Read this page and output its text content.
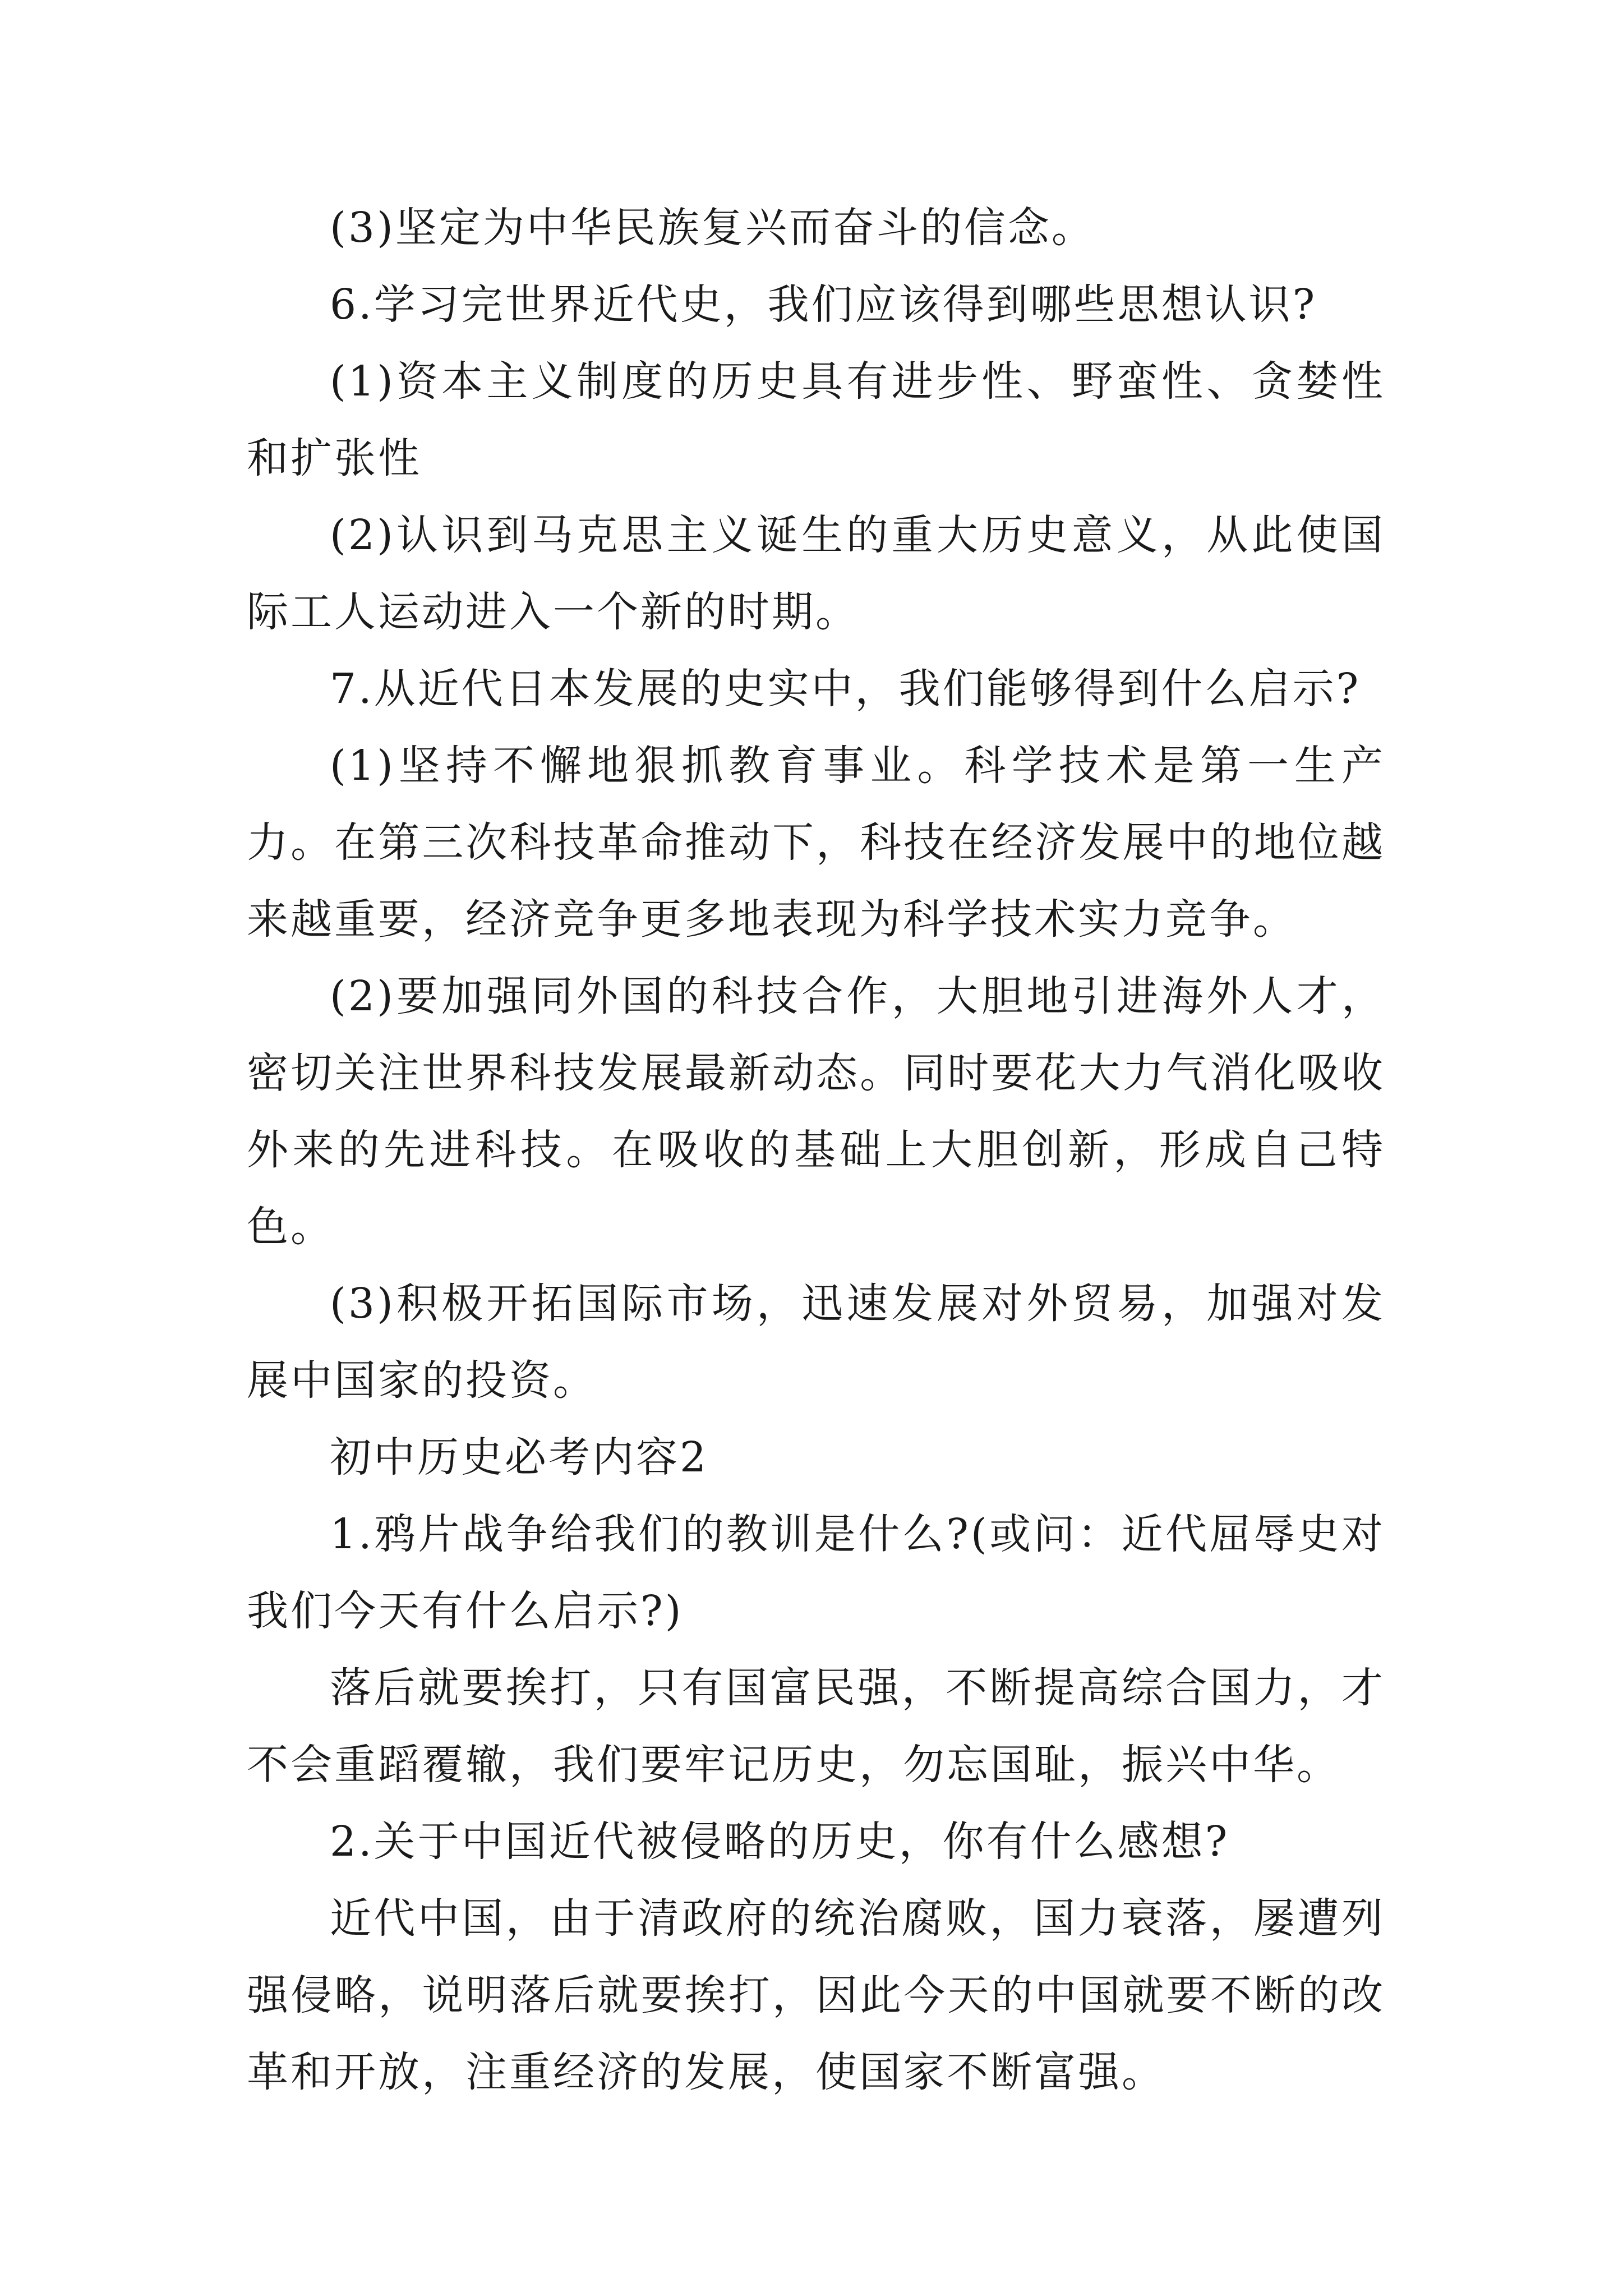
(3)坚定为中华民族复兴而奋斗的信念。

6.学习完世界近代史，我们应该得到哪些思想认识?

(1)资本主义制度的历史具有进步性、野蛮性、贪婪性和扩张性

(2)认识到马克思主义诞生的重大历史意义，从此使国际工人运动进入一个新的时期。

7.从近代日本发展的史实中，我们能够得到什么启示?

(1)坚持不懈地狠抓教育事业。科学技术是第一生产力。在第三次科技革命推动下，科技在经济发展中的地位越来越重要，经济竞争更多地表现为科学技术实力竞争。

(2)要加强同外国的科技合作，大胆地引进海外人才，密切关注世界科技发展最新动态。同时要花大力气消化吸收外来的先进科技。在吸收的基础上大胆创新，形成自己特色。

(3)积极开拓国际市场，迅速发展对外贸易，加强对发展中国家的投资。

初中历史必考内容2

1.鸦片战争给我们的教训是什么?(或问：近代屈辱史对我们今天有什么启示?)

落后就要挨打，只有国富民强，不断提高综合国力，才不会重蹈覆辙，我们要牢记历史，勿忘国耻，振兴中华。

2.关于中国近代被侵略的历史，你有什么感想?

近代中国，由于清政府的统治腐败，国力衰落，屡遭列强侵略，说明落后就要挨打，因此今天的中国就要不断的改革和开放，注重经济的发展，使国家不断富强。
